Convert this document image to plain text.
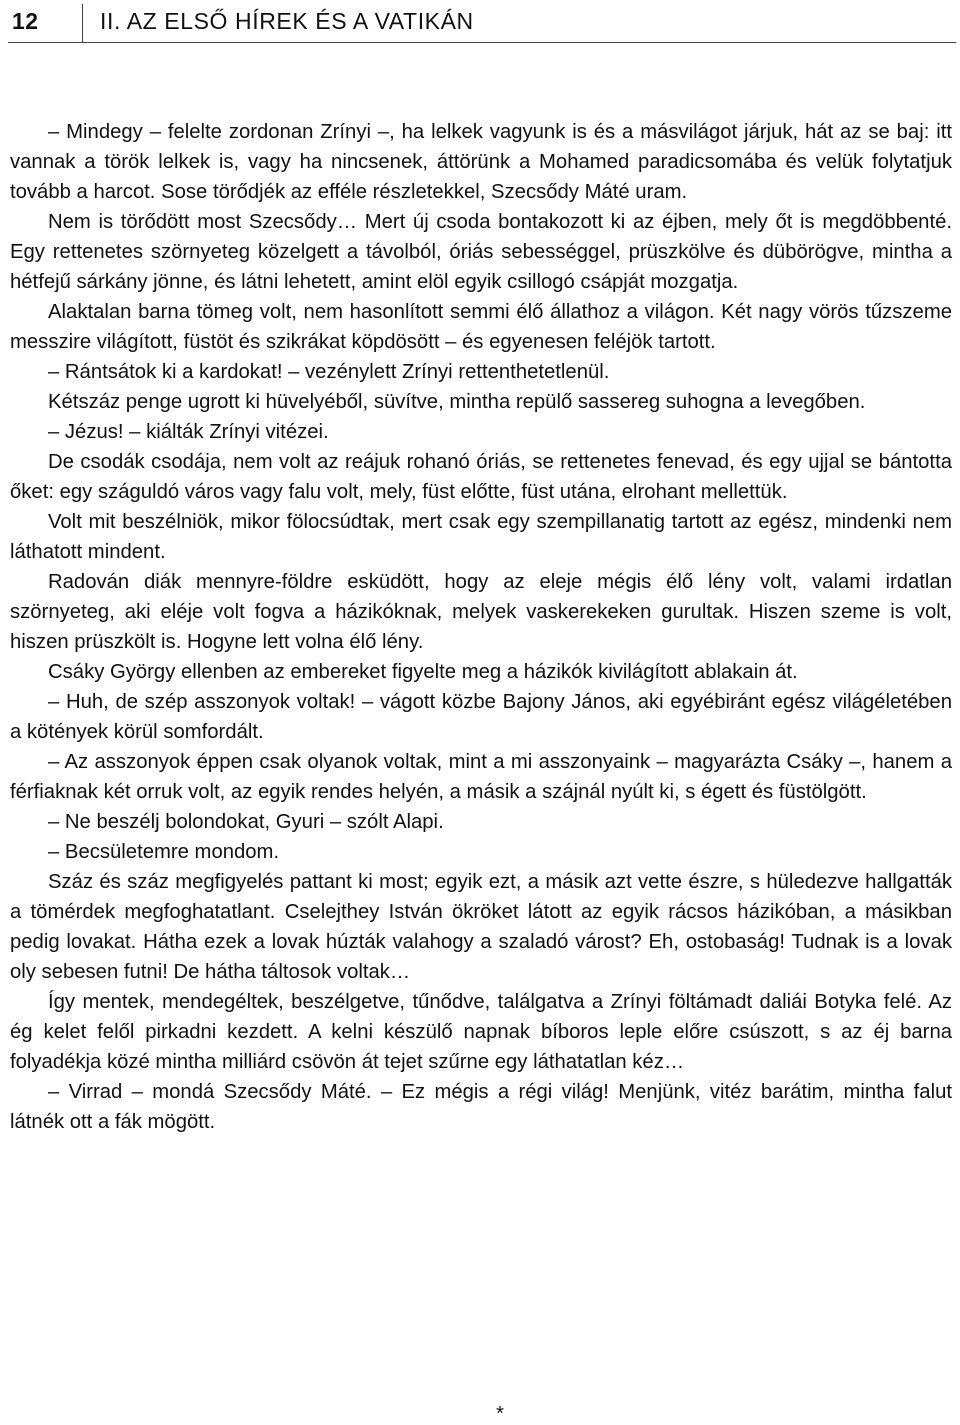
12	II. AZ ELSŐ HÍREK ÉS A VATIKÁN

– Mindegy – felelte zordonan Zrínyi –, ha lelkek vagyunk is és a másvilágot járjuk, hát az se baj: itt vannak a török lelkek is, vagy ha nincsenek, áttörünk a Mohamed paradicsomába és velük folytatjuk tovább a harcot. Sose törődjék az efféle részletekkel, Szecsődy Máté uram.

Nem is törődött most Szecsődy… Mert új csoda bontakozott ki az éjben, mely őt is megdöbbenté. Egy rettenetes szörnyeteg közelgett a távolból, óriás sebességgel, prüszkölve és dübörögve, mintha a hétfejű sárkány jönne, és látni lehetett, amint elöl egyik csillogó csápját mozgatja.

Alaktalan barna tömeg volt, nem hasonlított semmi élő állathoz a világon. Két nagy vörös tűzszeme messzire világított, füstöt és szikrákat köpdösött – és egyenesen feléjök tartott.

– Rántsátok ki a kardokat! – vezénylett Zrínyi rettenthetetlenül.

Kétszáz penge ugrott ki hüvelyéből, süvítve, mintha repülő sassereg suhogna a levegőben.

– Jézus! – kiálták Zrínyi vitézei.

De csodák csodája, nem volt az reájuk rohanó óriás, se rettenetes fenevad, és egy ujjal se bántotta őket: egy száguldó város vagy falu volt, mely, füst előtte, füst utána, elrohant mellettük.

Volt mit beszélniök, mikor fölocsúdtak, mert csak egy szempillanatig tartott az egész, mindenki nem láthatott mindent.

Radován diák mennyre-földre esküdött, hogy az eleje mégis élő lény volt, valami irdatlan szörnyeteg, aki eléje volt fogva a házikóknak, melyek vaskerekeken gurultak. Hiszen szeme is volt, hiszen prüszkölt is. Hogyne lett volna élő lény.

Csáky György ellenben az embereket figyelte meg a házikók kivilágított ablakain át.

– Huh, de szép asszonyok voltak! – vágott közbe Bajony János, aki egyébiránt egész világéletében a kötények körül somfordált.

– Az asszonyok éppen csak olyanok voltak, mint a mi asszonyaink – magyarázta Csáky –, hanem a férfiaknak két orruk volt, az egyik rendes helyén, a másik a szájnál nyúlt ki, s égett és füstölgött.

– Ne beszélj bolondokat, Gyuri – szólt Alapi.

– Becsületemre mondom.

Száz és száz megfigyelés pattant ki most; egyik ezt, a másik azt vette észre, s hüledezve hallgatták a tömérdek megfoghatatlant. Cselejthey István ökröket látott az egyik rácsos házikóban, a másikban pedig lovakat. Hátha ezek a lovak húzták valahogy a szaladó várost? Eh, ostobaság! Tudnak is a lovak oly sebesen futni! De hátha táltosok voltak…

Így mentek, mendegéltek, beszélgetve, tűnődve, találgatva a Zrínyi föltámadt daliái Botyka felé. Az ég kelet felől pirkadni kezdett. A kelni készülő napnak bíboros leple előre csúszott, s az éj barna folyadékja közé mintha milliárd csövön át tejet szűrne egy láthatatlan kéz…

– Virrad – mondá Szecsődy Máté. – Ez mégis a régi világ! Menjünk, vitéz barátim, mintha falut látnék ott a fák mögött.

*
